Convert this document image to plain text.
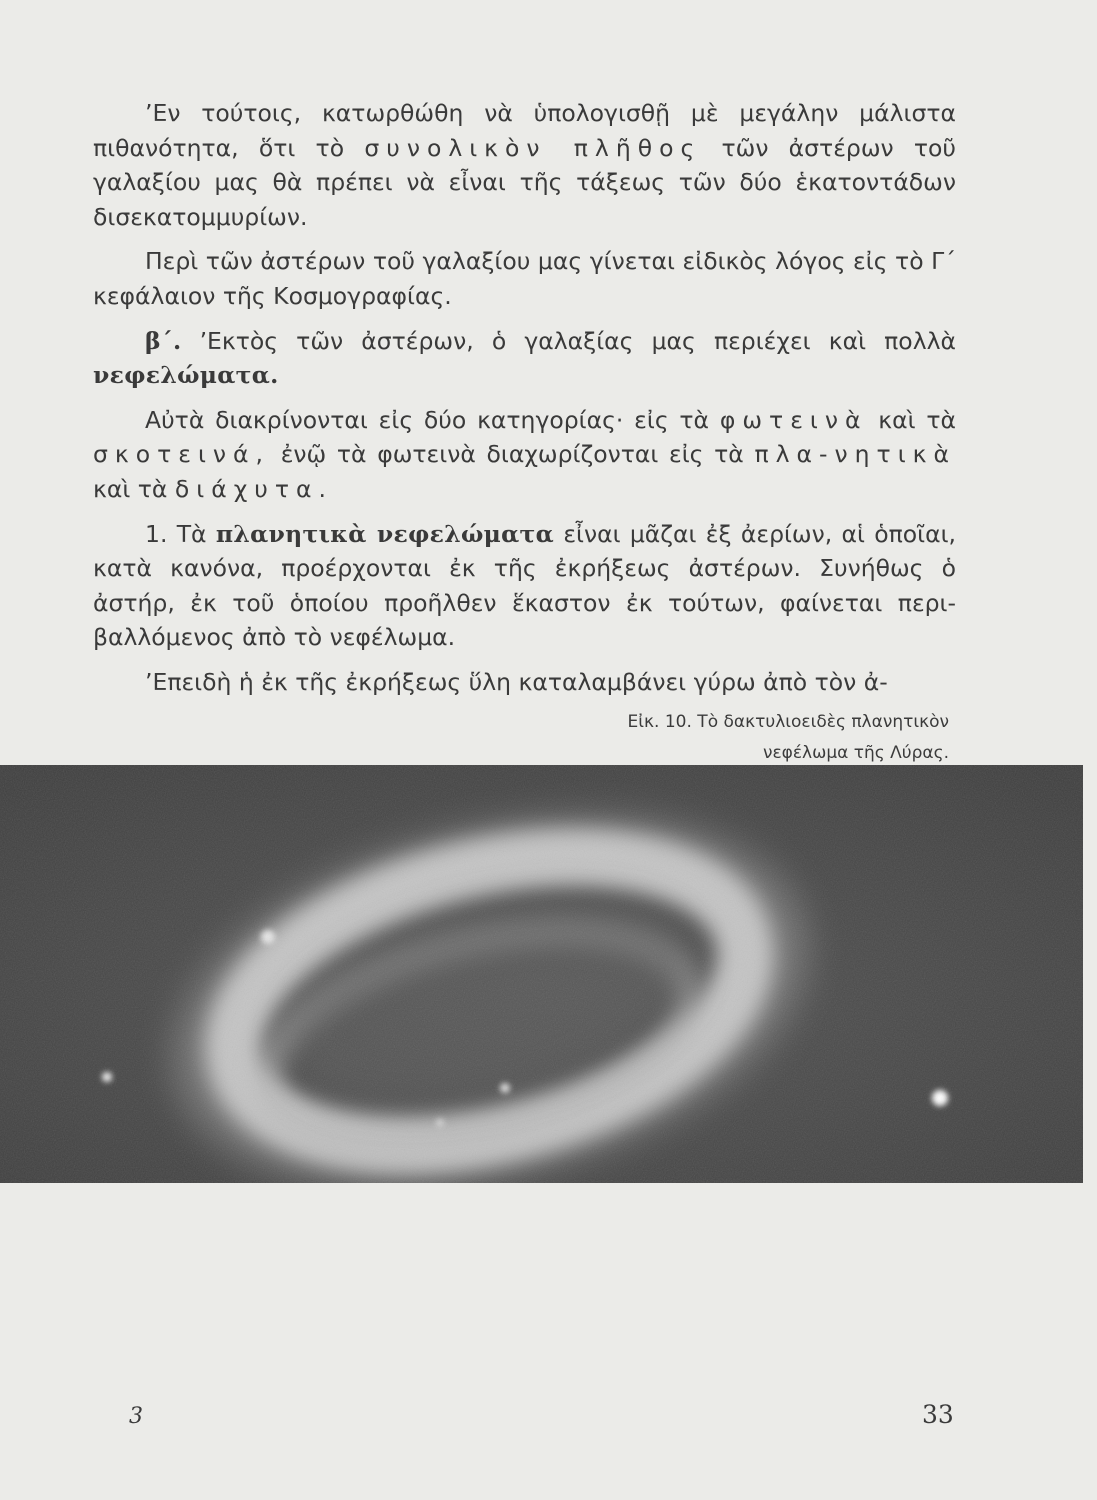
’Εν τούτοις, κατωρθώθη νὰ ὑπολογισθῇ μὲ μεγάλην μάλιστα πιθανότητα, ὅτι τὸ συνολικὸν πλῆθος τῶν ἀστέρων τοῦ γαλαξίου μας θὰ πρέπει νὰ εἶναι τῆς τάξεως τῶν δύο ἑκατοντάδων δισεκατομμυρίων.

Περὶ τῶν ἀστέρων τοῦ γαλαξίου μας γίνεται εἰδικὸς λόγος εἰς τὸ Γ΄ κεφάλαιον τῆς Κοσμογραφίας.

β΄. ’Εκτὸς τῶν ἀστέρων, ὁ γαλαξίας μας περιέχει καὶ πολλὰ νεφελώματα.

Αὐτὰ διακρίνονται εἰς δύο κατηγορίας· εἰς τὰ φωτεινὰ καὶ τὰ σκοτεινά, ἐνῷ τὰ φωτεινὰ διαχωρίζονται εἰς τὰ πλα-νητικὰ καὶ τὰ διάχυτα.

1. Τὰ πλανητικὰ νεφελώματα εἶναι μᾶζαι ἐξ ἀερίων, αἱ ὁποῖαι, κατὰ κανόνα, προέρχονται ἐκ τῆς ἐκρήξεως ἀστέρων. Συνήθως ὁ ἀστήρ, ἐκ τοῦ ὁποίου προῆλθεν ἕκαστον ἐκ τούτων, φαίνεται περι-βαλλόμενος ἀπὸ τὸ νεφέλωμα.

’Επειδὴ ἡ ἐκ τῆς ἐκρήξεως ὕλη καταλαμβάνει γύρω ἀπὸ τὸν ἀ-

Εἰκ. 10. Τὸ δακτυλιοειδὲς πλανητικὸν
νεφέλωμα τῆς Λύρας.
3	33
